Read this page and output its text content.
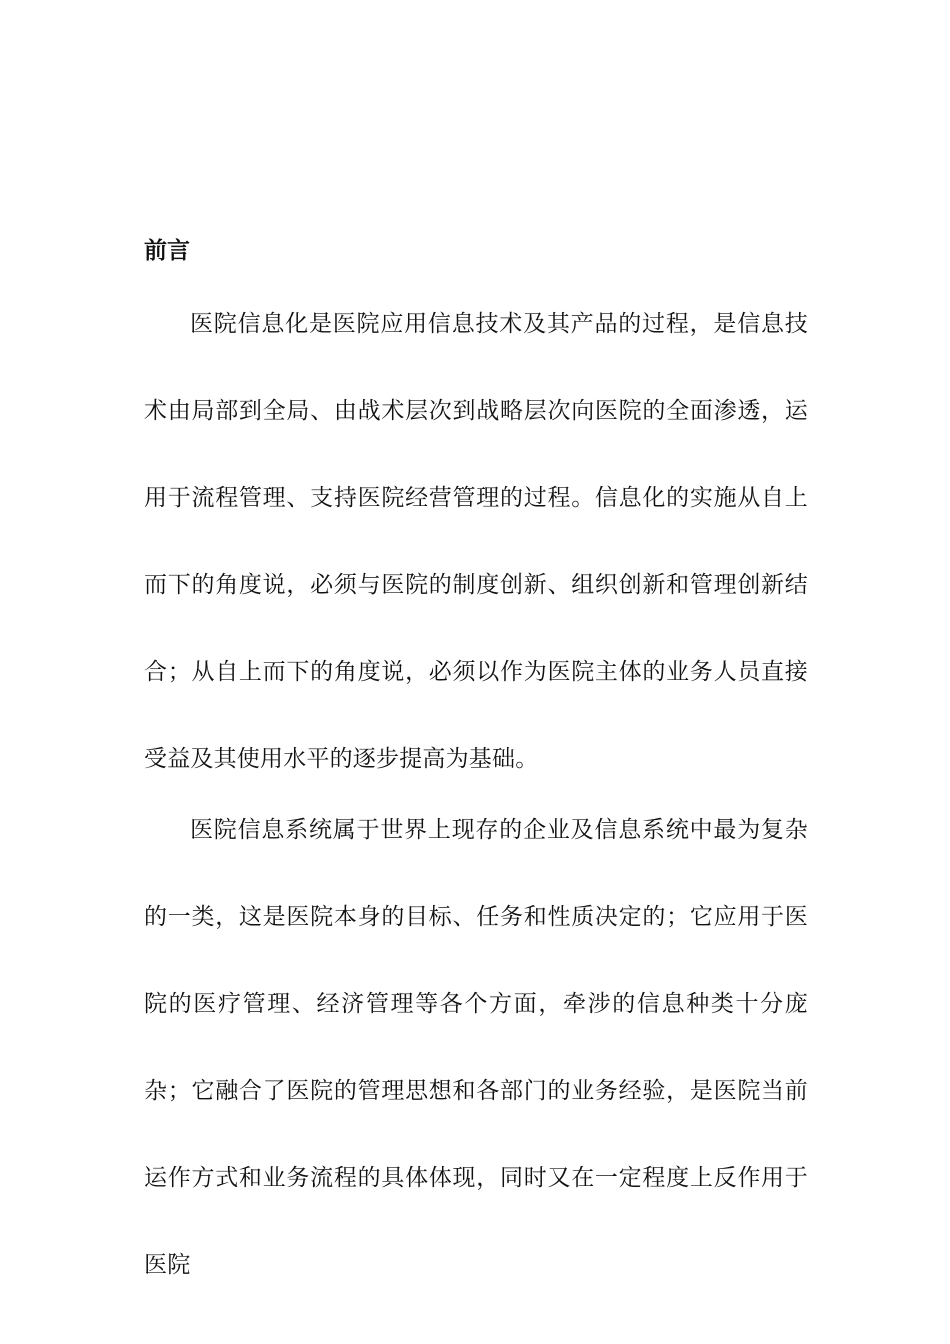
前言

医院信息化是医院应用信息技术及其产品的过程，是信息技术由局部到全局、由战术层次到战略层次向医院的全面渗透，运用于流程管理、支持医院经营管理的过程。信息化的实施从自上而下的角度说，必须与医院的制度创新、组织创新和管理创新结合；从自上而下的角度说，必须以作为医院主体的业务人员直接受益及其使用水平的逐步提高为基础。

医院信息系统属于世界上现存的企业及信息系统中最为复杂的一类，这是医院本身的目标、任务和性质决定的；它应用于医院的医疗管理、经济管理等各个方面，牵涉的信息种类十分庞杂；它融合了医院的管理思想和各部门的业务经验，是医院当前运作方式和业务流程的具体体现，同时又在一定程度上反作用于医院
